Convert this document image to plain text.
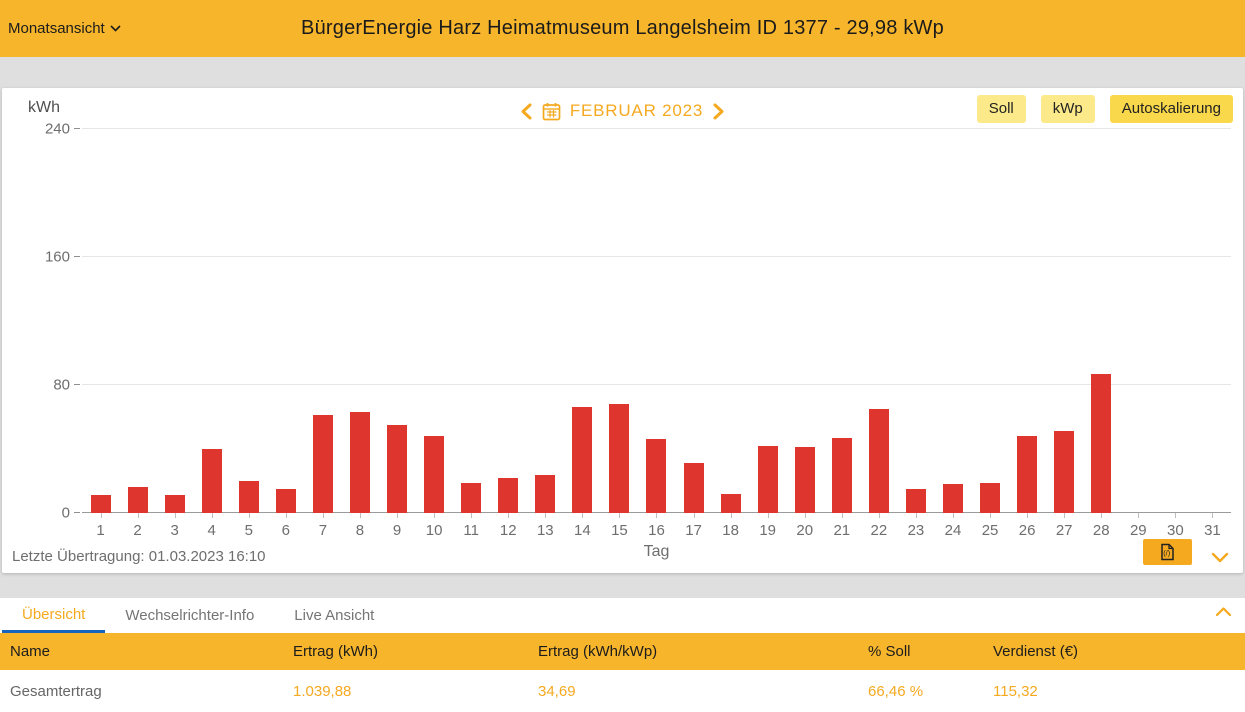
Monatsansicht	BürgerEnergie Harz Heimatmuseum Langelsheim ID 1377 - 29,98 kWp
kWh	FEBRUAR 2023	Soll	kWp	Autoskalierung
0
80
160
240
1 2 3 4 5 6 7 8 9 10 11 12 13 14 15 16 17 18 19 20 21 22 23 24 25 26 27 28 29 30 31
Tag
Letzte Übertragung: 01.03.2023 16:10	(/)
Übersicht	Wechselrichter-Info	Live Ansicht
Name	Ertrag (kWh)	Ertrag (kWh/kWp)	% Soll	Verdienst (€)
Gesamtertrag	1.039,88	34,69	66,46 %	115,32
